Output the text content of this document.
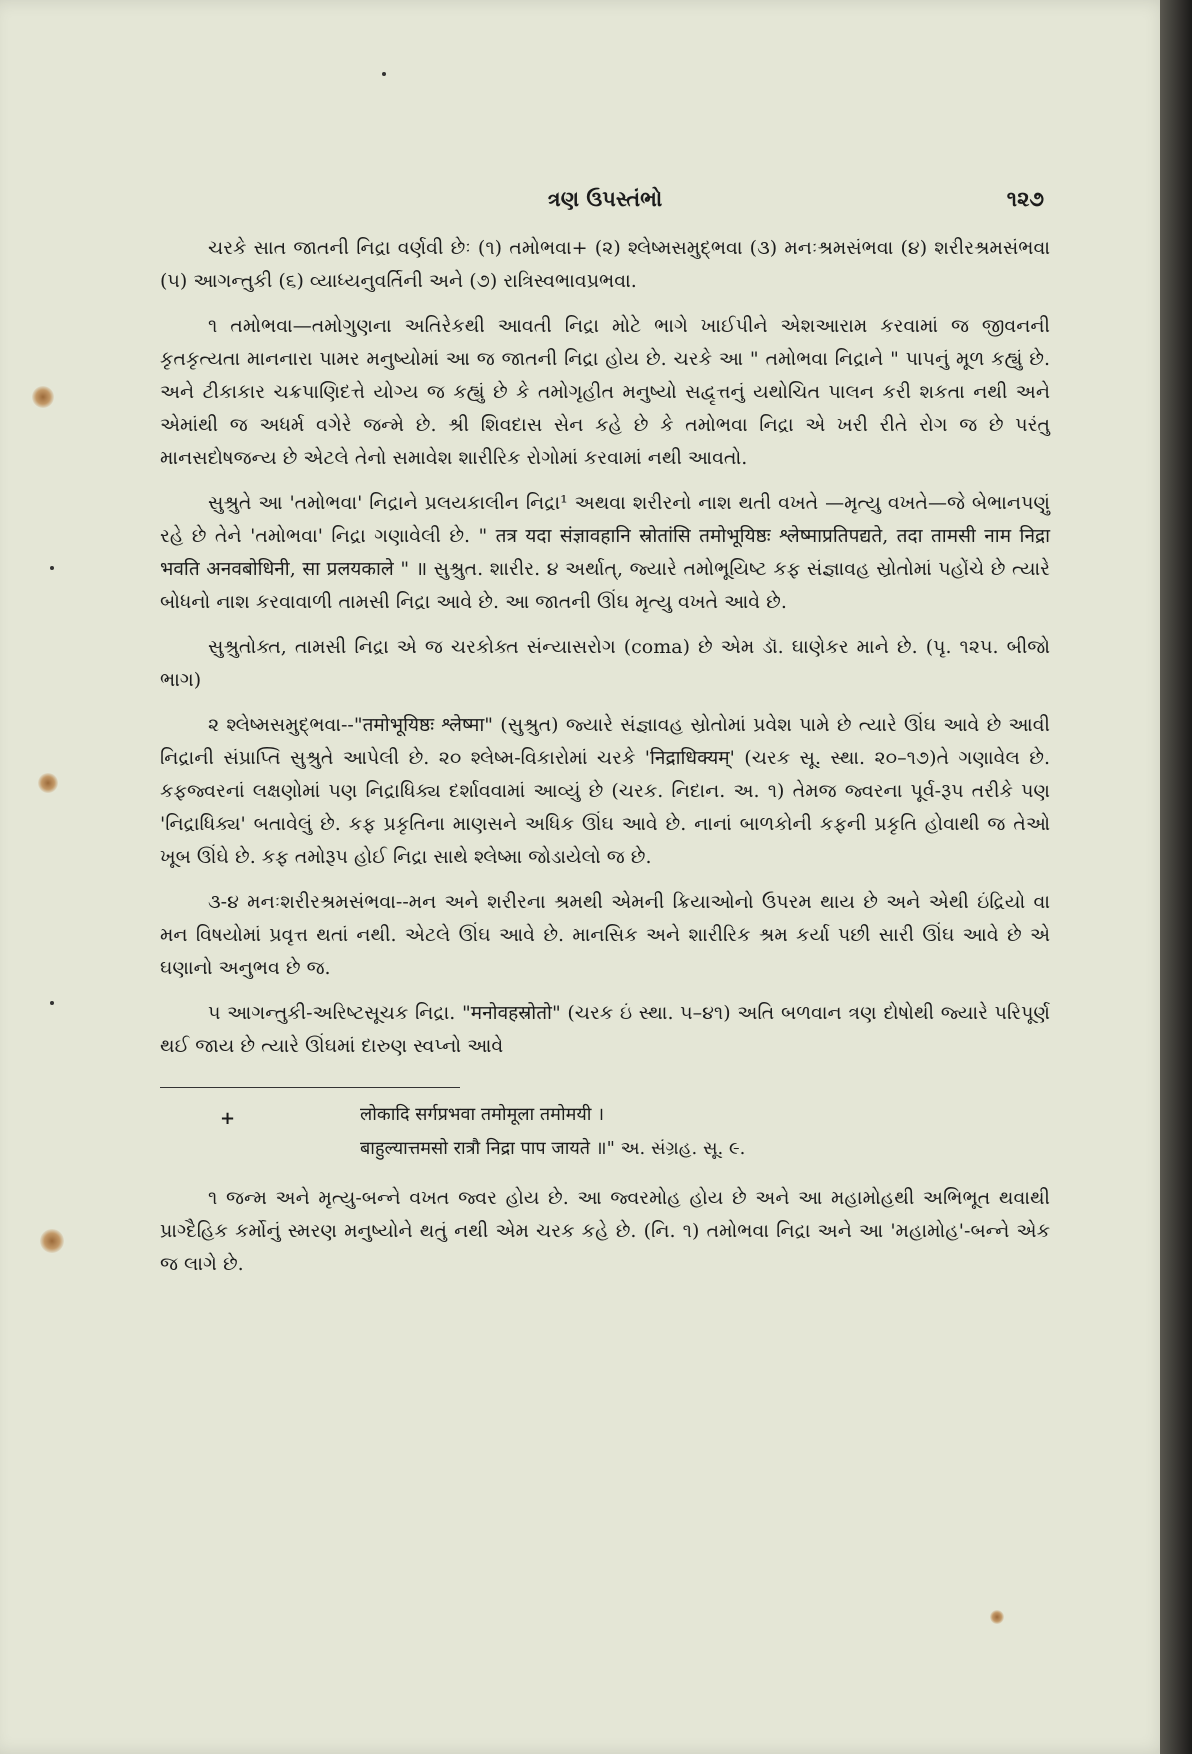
ત્રણ ઉપસ્તંભો	૧૨૭

ચરકે સાત જાતની નિદ્રા વર્ણવી છેઃ (૧) તમોભવા+ (૨) શ્લેષ્મસમુદ્ભવા (૩) મનઃશ્રમસંભવા (૪) શરીરશ્રમસંભવા (૫) આગન્તુકી (૬) વ્યાધ્યનુવર્તિની અને (૭) રાત્રિસ્વભાવપ્રભવા.

૧ તમોભવા—તમોગુણના અતિરેકથી આવતી નિદ્રા મોટે ભાગે ખાઈપીને એશઆરામ કરવામાં જ જીવનની કૃતકૃત્યતા માનનારા પામર મનુષ્યોમાં આ જ જાતની નિદ્રા હોય છે. ચરકે આ " તમોભવા નિદ્રાને " પાપનું મૂળ કહ્યું છે. અને ટીકાકાર ચક્રપાણિદત્તે યોગ્ય જ કહ્યું છે કે તમોગૃહીત મનુષ્યો સદ્વૃત્તનું યથોચિત પાલન કરી શકતા નથી અને એમાંથી જ અધર્મ વગેરે જન્મે છે. શ્રી શિવદાસ સેન કહે છે કે તમોભવા નિદ્રા એ ખરી રીતે રોગ જ છે પરંતુ માનસદોષજન્ય છે એટલે તેનો સમાવેશ શારીરિક રોગોમાં કરવામાં નથી આવતો.

સુશ્રુતે આ 'તમોભવા' નિદ્રાને પ્રલયકાલીન નિદ્રા¹ અથવા શરીરનો નાશ થતી વખતે —મૃત્યુ વખતે—જે બેભાનપણું રહે છે તેને 'તમોભવા' નિદ્રા ગણાવેલી છે. " तत्र यदा संज्ञावहानि स्रोतांसि तमोभूयिष्ठः श्लेष्माप्रतिपद्यते, तदा तामसी नाम निद्रा भवति अनवबोधिनी, सा प्रलयकाले " ॥ સુશ્રુત. શારીર. ૪ અર્થાત્, જ્યારે તમોભૂયિષ્ટ કફ સંજ્ઞાવહ સ્રોતોમાં પહોંચે છે ત્યારે બોધનો નાશ કરવાવાળી તામસી નિદ્રા આવે છે. આ જાતની ઊંઘ મૃત્યુ વખતે આવે છે.

સુશ્રુતોક્ત, તામસી નિદ્રા એ જ ચરકોક્ત સંન્યાસરોગ (coma) છે એમ ડૉ. ઘાણેકર માને છે. (પૃ. ૧૨૫. બીજો ભાગ)

૨ શ્લેષ્મસમુદ્ભવા--"तमोभूयिष्ठः श्लेष्मा" (સુશ્રુત) જ્યારે સંજ્ઞાવહ સ્રોતોમાં પ્રવેશ પામે છે ત્યારે ઊંઘ આવે છે આવી નિદ્રાની સંપ્રાપ્તિ સુશ્રુતે આપેલી છે. ૨૦ શ્લેષ્મ-વિકારોમાં ચરકે 'निद्राधिक्यम्' (ચરક સૂ. સ્થા. ૨૦–૧૭)તે ગણાવેલ છે. કફજ્વરનાં લક્ષણોમાં પણ નિદ્રાધિક્ય દર્શાવવામાં આવ્યું છે (ચરક. નિદાન. અ. ૧) તેમજ જ્વરના પૂર્વ-રૂપ તરીકે પણ 'નિદ્રાધિક્ય' બતાવેલું છે. કફ પ્રકૃતિના માણસને અધિક ઊંઘ આવે છે. નાનાં બાળકોની કફની પ્રકૃતિ હોવાથી જ તેઓ ખૂબ ઊંઘે છે. કફ તમોરૂપ હોઈ નિદ્રા સાથે શ્લેષ્મા જોડાયેલો જ છે.

૩-૪ મનઃશરીરશ્રમસંભવા--મન અને શરીરના શ્રમથી એમની ક્રિયાઓનો ઉપરમ થાય છે અને એથી ઇંદ્રિયો વા મન વિષયોમાં પ્રવૃત્ત થતાં નથી. એટલે ઊંઘ આવે છે. માનસિક અને શારીરિક શ્રમ કર્યા પછી સારી ઊંઘ આવે છે એ ઘણાનો અનુભવ છે જ.

૫ આગન્તુકી-અરિષ્ટસૂચક નિદ્રા. "मनोवहस्रोतो" (ચરક ઇં સ્થા. ૫–૪૧) અતિ બળવાન ત્રણ દોષોથી જ્યારે પરિપૂર્ણ થઈ જાય છે ત્યારે ઊંઘમાં દારુણ સ્વપ્નો આવે

+	लोकादि सर्गप्रभवा तमोमूला तमोमयी ।
बाहुल्यात्तमसो रात्रौ निद्रा पाप जायते ॥" અ. સંગ્રહ. સૂ. ૯.

૧ જન્મ અને મૃત્યુ-બન્ને વખત જ્વર હોય છે. આ જ્વરમોહ હોય છે અને આ મહામોહથી અભિભૂત થવાથી પ્રાગ્દૈહિક કર્મોનું સ્મરણ મનુષ્યોને થતું નથી એમ ચરક કહે છે. (નિ. ૧) તમોભવા નિદ્રા અને આ 'મહામોહ'-બન્ને એક જ લાગે છે.
